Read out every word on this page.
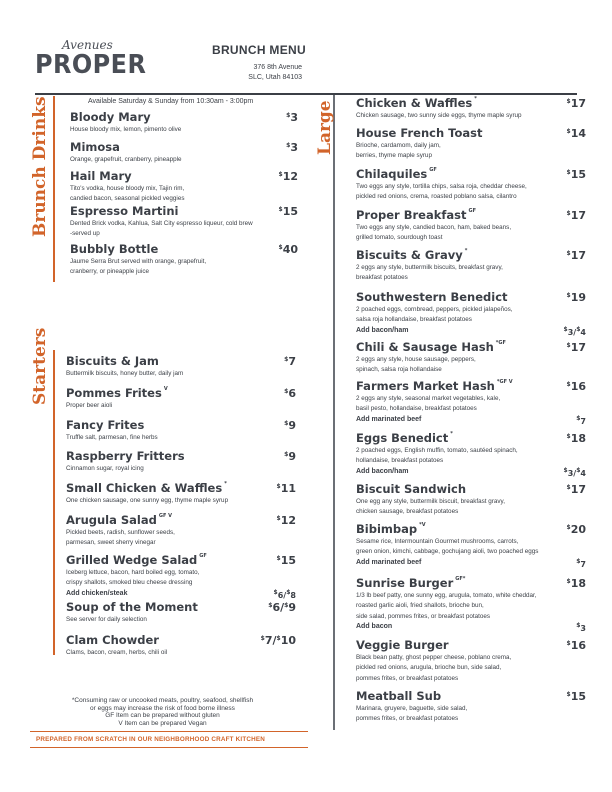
Avenues
PROPER	BRUNCH MENU
376 8th Avenue
SLC, Utah 84103
Brunch Drinks
Starters
Large
Available Saturday & Sunday from 10:30am - 3:00pm
Bloody Mary
House bloody mix, lemon, pimento olive
$3
Mimosa
Orange, grapefruit, cranberry, pineapple
$3
Hail Mary
Tito's vodka, house bloody mix, Tajin rim,
candied bacon, seasonal pickled veggies
$12
Espresso Martini
Dented Brick vodka, Kahlua, Salt City espresso liqueur, cold brew
-served up
$15
Bubbly Bottle
Jaume Serra Brut served with orange, grapefruit,
cranberry, or pineapple juice
$40
Biscuits & Jam
Buttermilk biscuits, honey butter, daily jam
$7
Pommes Frites $^V$
Proper beer aioli
$6
Fancy Frites
Truffle salt, parmesan, fine herbs
$9
Raspberry Fritters
Cinnamon sugar, royal icing
$9
Small Chicken & Waffles *
One chicken sausage, one sunny egg, thyme maple syrup
$11
Arugula Salad $^{GF V}$
Pickled beets, radish, sunflower seeds,
parmesan, sweet sherry vinegar
$12
Grilled Wedge Salad $^{GF}$
Iceberg lettuce, bacon, hard boiled egg, tomato,
crispy shallots, smoked bleu cheese dressing
Add chicken/steak
$15
$6/$8
Soup of the Moment
See server for daily selection
$6/$9
Clam Chowder
Clams, bacon, cream, herbs, chili oil
$7/$10
Chicken & Waffles *
Chicken sausage, two sunny side eggs, thyme maple syrup
$17
House French Toast
Brioche, cardamom, daily jam,
berries, thyme maple syrup
$14
Chilaquiles $^{GF}$
Two eggs any style, tortilla chips, salsa roja, cheddar cheese,
pickled red onions, crema, roasted poblano salsa, cilantro
$15
Proper Breakfast $^{GF}$
Two eggs any style, candied bacon, ham, baked beans,
grilled tomato, sourdough toast
$17
Biscuits & Gravy *
2 eggs any style, buttermilk biscuits, breakfast gravy,
breakfast potatoes
$17
Southwestern Benedict
2 poached eggs, cornbread, peppers, pickled jalapeños,
salsa roja hollandaise, breakfast potatoes
Add bacon/ham
$19
$3/$4
Chili & Sausage Hash $^{*GF}$
2 eggs any style, house sausage, peppers,
spinach, salsa roja hollandaise
$17
Farmers Market Hash $^{*GF V}$
2 eggs any style, seasonal market vegetables, kale,
basil pesto, hollandaise, breakfast potatoes
Add marinated beef
$16
$7
Eggs Benedict *
2 poached eggs, English muffin, tomato, sautéed spinach,
hollandaise, breakfast potatoes
Add bacon/ham
$18
$3/$4
Biscuit Sandwich
One egg any style, buttermilk biscuit, breakfast gravy,
chicken sausage, breakfast potatoes
$17
Bibimbap $^{*V}$
Sesame rice, Intermountain Gourmet mushrooms, carrots,
green onion, kimchi, cabbage, gochujang aioli, two poached eggs
Add marinated beef
$20
$7
Sunrise Burger $^{GF*}$
1/3 lb beef patty, one sunny egg, arugula, tomato, white cheddar,
roasted garlic aioli, fried shallots, brioche bun,
side salad, pommes frites, or breakfast potatoes
Add bacon
$18
$3
Veggie Burger
Black bean patty, ghost pepper cheese, poblano crema,
pickled red onions, arugula, brioche bun, side salad,
pommes frites, or breakfast potatoes
$16
Meatball Sub
Marinara, gruyere, baguette, side salad,
pommes frites, or breakfast potatoes
$15
*Consuming raw or uncooked meats, poultry, seafood, shellfish
or eggs may increase the risk of food borne illness
GF Item can be prepared without gluten
V Item can be prepared Vegan
PREPARED FROM SCRATCH IN OUR NEIGHBORHOOD CRAFT KITCHEN
